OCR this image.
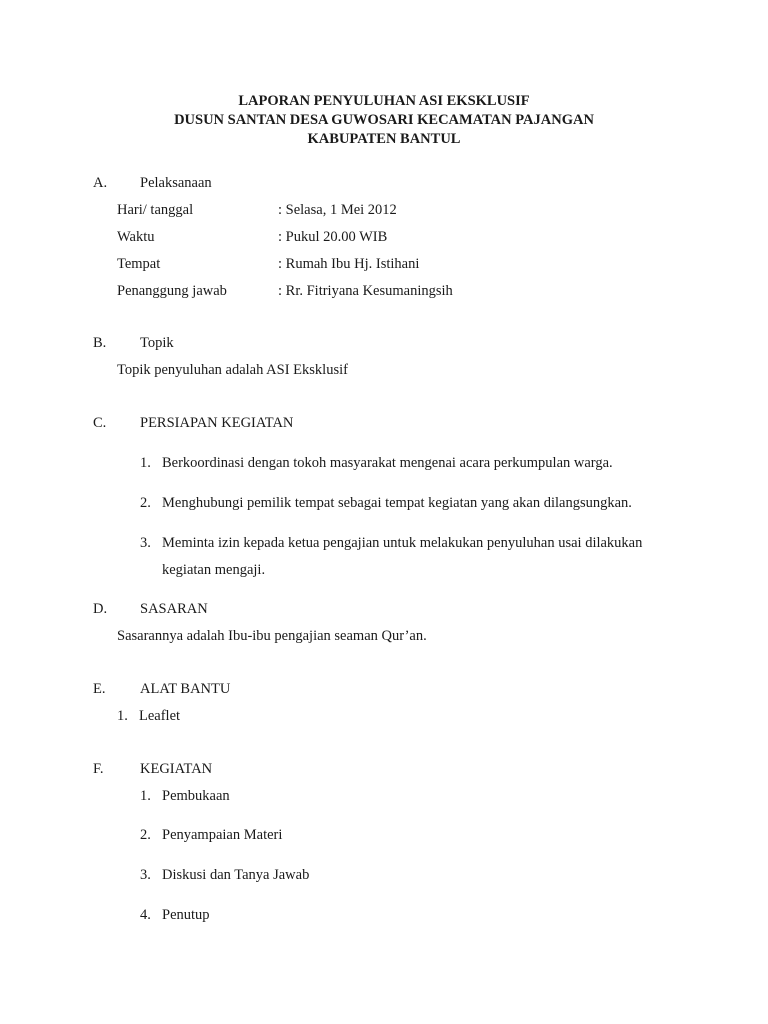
LAPORAN PENYULUHAN ASI EKSKLUSIF
DUSUN SANTAN DESA GUWOSARI KECAMATAN PAJANGAN
KABUPATEN BANTUL
A. Pelaksanaan
Hari/ tanggal	: Selasa, 1 Mei 2012
Waktu	: Pukul 20.00 WIB
Tempat	: Rumah Ibu Hj. Istihani
Penanggung jawab	: Rr. Fitriyana Kesumaningsih
B. Topik
Topik penyuluhan adalah ASI Eksklusif
C. PERSIAPAN KEGIATAN
1. Berkoordinasi dengan tokoh masyarakat mengenai acara perkumpulan warga.
2. Menghubungi pemilik tempat sebagai tempat kegiatan yang akan dilangsungkan.
3. Meminta izin kepada ketua pengajian untuk melakukan penyuluhan usai dilakukan
kegiatan mengaji.
D. SASARAN
Sasarannya adalah Ibu-ibu pengajian seaman Qur’an.
E. ALAT BANTU
1. Leaflet
F.	KEGIATAN
1. Pembukaan
2. Penyampaian Materi
3. Diskusi dan Tanya Jawab
4. Penutup
